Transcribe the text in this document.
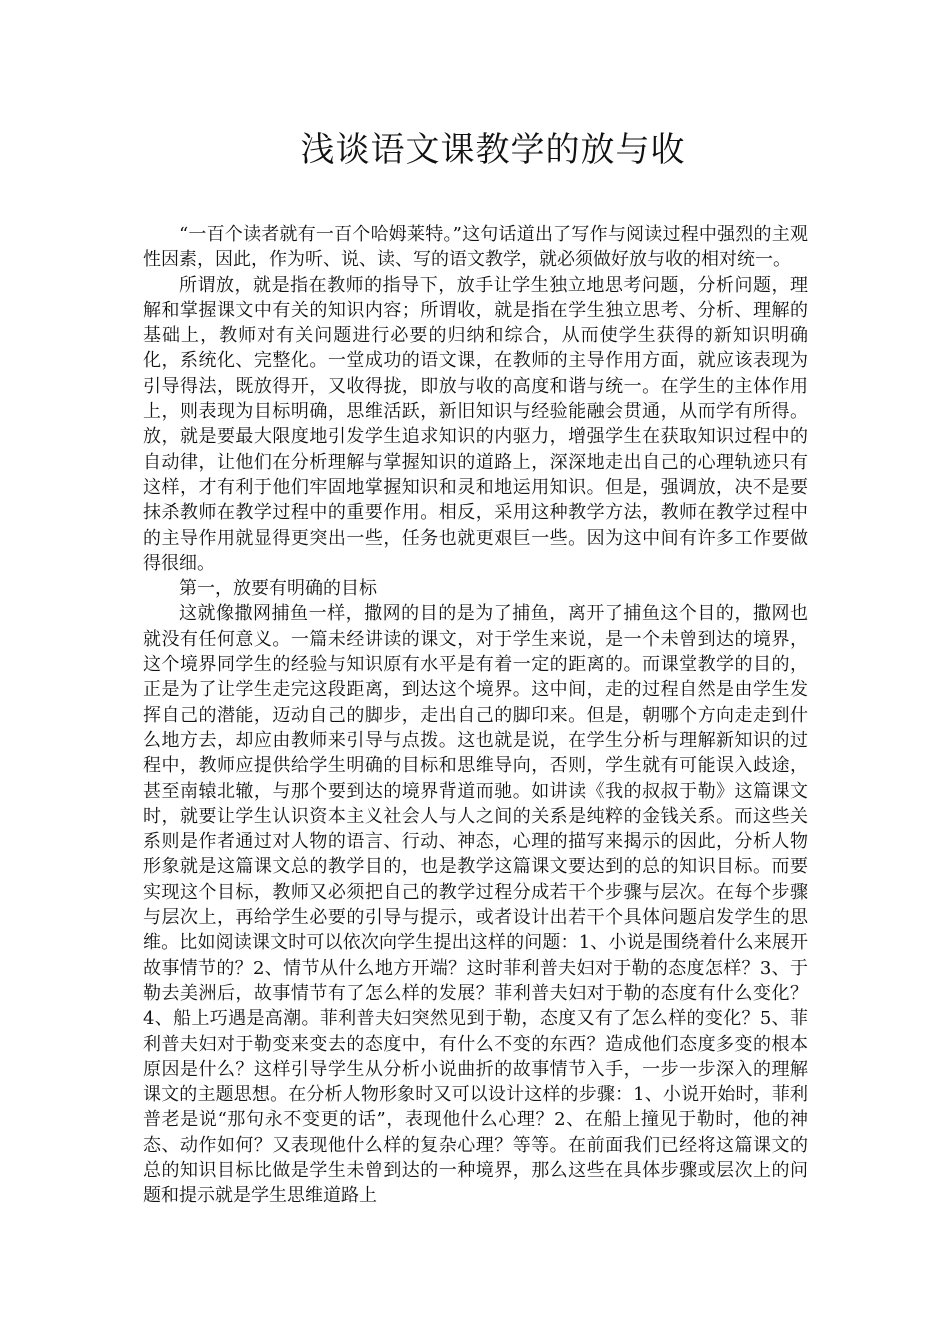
浅谈语文课教学的放与收

“一百个读者就有一百个哈姆莱特。”这句话道出了写作与阅读过程中强烈的主观性因素，因此，作为听、说、读、写的语文教学，就必须做好放与收的相对统一。

所谓放，就是指在教师的指导下，放手让学生独立地思考问题，分析问题，理解和掌握课文中有关的知识内容；所谓收，就是指在学生独立思考、分析、理解的基础上，教师对有关问题进行必要的归纳和综合，从而使学生获得的新知识明确化，系统化、完整化。一堂成功的语文课，在教师的主导作用方面，就应该表现为引导得法，既放得开，又收得拢，即放与收的高度和谐与统一。在学生的主体作用上，则表现为目标明确，思维活跃，新旧知识与经验能融会贯通，从而学有所得。放，就是要最大限度地引发学生追求知识的内驱力，增强学生在获取知识过程中的自动律，让他们在分析理解与掌握知识的道路上，深深地走出自己的心理轨迹只有这样，才有利于他们牢固地掌握知识和灵和地运用知识。但是，强调放，决不是要抹杀教师在教学过程中的重要作用。相反，采用这种教学方法，教师在教学过程中的主导作用就显得更突出一些，任务也就更艰巨一些。因为这中间有许多工作要做得很细。

第一，放要有明确的目标

这就像撒网捕鱼一样，撒网的目的是为了捕鱼，离开了捕鱼这个目的，撒网也就没有任何意义。一篇未经讲读的课文，对于学生来说，是一个未曾到达的境界，这个境界同学生的经验与知识原有水平是有着一定的距离的。而课堂教学的目的，正是为了让学生走完这段距离，到达这个境界。这中间，走的过程自然是由学生发挥自己的潜能，迈动自己的脚步，走出自己的脚印来。但是，朝哪个方向走走到什么地方去，却应由教师来引导与点拨。这也就是说，在学生分析与理解新知识的过程中，教师应提供给学生明确的目标和思维导向，否则，学生就有可能误入歧途，甚至南辕北辙，与那个要到达的境界背道而驰。如讲读《我的叔叔于勒》这篇课文时，就要让学生认识资本主义社会人与人之间的关系是纯粹的金钱关系。而这些关系则是作者通过对人物的语言、行动、神态，心理的描写来揭示的因此，分析人物形象就是这篇课文总的教学目的，也是教学这篇课文要达到的总的知识目标。而要实现这个目标，教师又必须把自己的教学过程分成若干个步骤与层次。在每个步骤与层次上，再给学生必要的引导与提示，或者设计出若干个具体问题启发学生的思维。比如阅读课文时可以依次向学生提出这样的问题：1、小说是围绕着什么来展开故事情节的？2、情节从什么地方开端？这时菲利普夫妇对于勒的态度怎样？3、于勒去美洲后，故事情节有了怎么样的发展？菲利普夫妇对于勒的态度有什么变化？4、船上巧遇是高潮。菲利普夫妇突然见到于勒，态度又有了怎么样的变化？5、菲利普夫妇对于勒变来变去的态度中，有什么不变的东西？造成他们态度多变的根本原因是什么？这样引导学生从分析小说曲折的故事情节入手，一步一步深入的理解课文的主题思想。在分析人物形象时又可以设计这样的步骤：1、小说开始时，菲利普老是说“那句永不变更的话”，表现他什么心理？2、在船上撞见于勒时，他的神态、动作如何？又表现他什么样的复杂心理？等等。在前面我们已经将这篇课文的总的知识目标比做是学生未曾到达的一种境界，那么这些在具体步骤或层次上的问题和提示就是学生思维道路上
